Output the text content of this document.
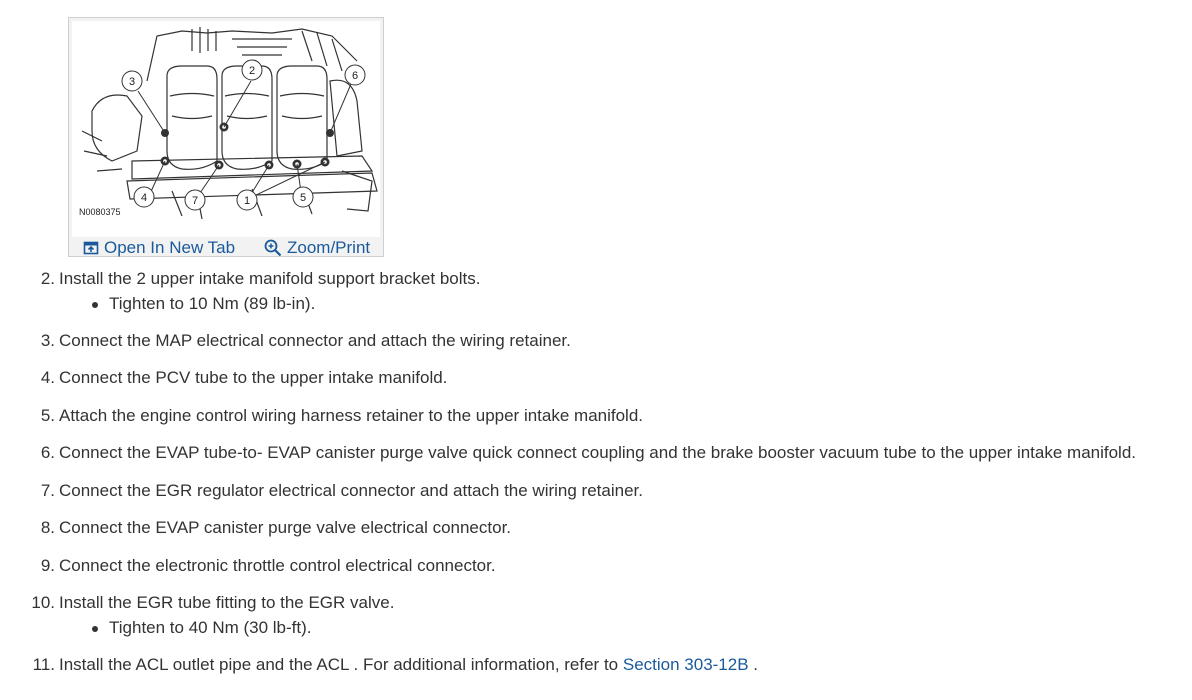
3
2	6
4	7	1	5
N0080375
Open In New Tab	Zoom/Print
2. Install the 2 upper intake manifold support bracket bolts.
Tighten to 10 Nm (89 lb-in).
3. Connect the MAP electrical connector and attach the wiring retainer.
4. Connect the PCV tube to the upper intake manifold.
5. Attach the engine control wiring harness retainer to the upper intake manifold.
6. Connect the EVAP tube-to- EVAP canister purge valve quick connect coupling and the brake booster vacuum tube to the upper intake manifold.
7. Connect the EGR regulator electrical connector and attach the wiring retainer.
8. Connect the EVAP canister purge valve electrical connector.
9. Connect the electronic throttle control electrical connector.
10. Install the EGR tube fitting to the EGR valve.
Tighten to 40 Nm (30 lb-ft).
11. Install the ACL outlet pipe and the ACL . For additional information, refer to Section 303-12B .
